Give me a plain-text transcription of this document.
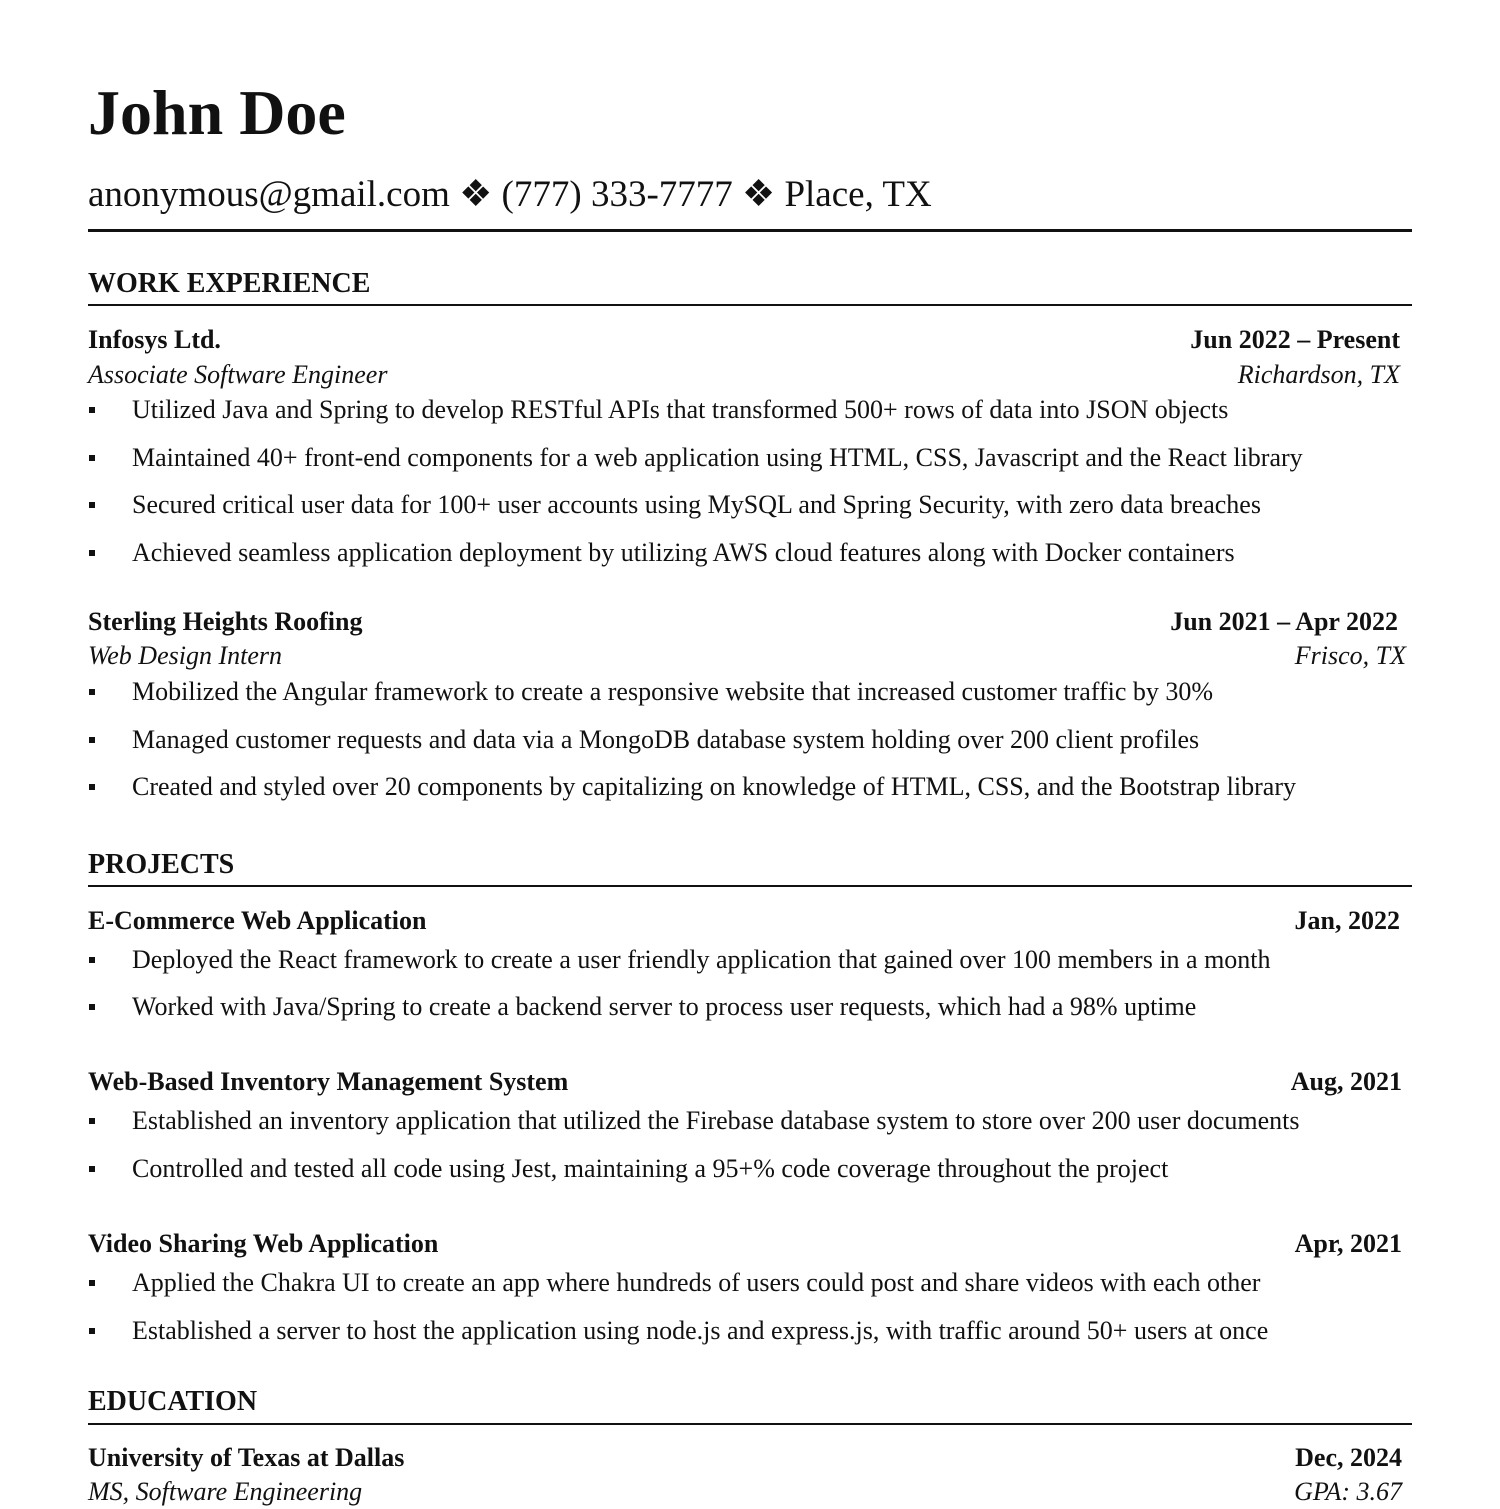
John Doe
anonymous@gmail.com ❖ (777) 333-7777 ❖ Place, TX
WORK EXPERIENCE
Infosys Ltd.	Jun 2022 – Present
Associate Software Engineer	Richardson, TX
Utilized Java and Spring to develop RESTful APIs that transformed 500+ rows of data into JSON objects
Maintained 40+ front-end components for a web application using HTML, CSS, Javascript and the React library
Secured critical user data for 100+ user accounts using MySQL and Spring Security, with zero data breaches
Achieved seamless application deployment by utilizing AWS cloud features along with Docker containers
Sterling Heights Roofing	Jun 2021 – Apr 2022
Web Design Intern	Frisco, TX
Mobilized the Angular framework to create a responsive website that increased customer traffic by 30%
Managed customer requests and data via a MongoDB database system holding over 200 client profiles
Created and styled over 20 components by capitalizing on knowledge of HTML, CSS, and the Bootstrap library
PROJECTS
E-Commerce Web Application	Jan, 2022
Deployed the React framework to create a user friendly application that gained over 100 members in a month
Worked with Java/Spring to create a backend server to process user requests, which had a 98% uptime
Web-Based Inventory Management System	Aug, 2021
Established an inventory application that utilized the Firebase database system to store over 200 user documents
Controlled and tested all code using Jest, maintaining a 95+% code coverage throughout the project
Video Sharing Web Application	Apr, 2021
Applied the Chakra UI to create an app where hundreds of users could post and share videos with each other
Established a server to host the application using node.js and express.js, with traffic around 50+ users at once
EDUCATION
University of Texas at Dallas	Dec, 2024
MS, Software Engineering	GPA: 3.67
